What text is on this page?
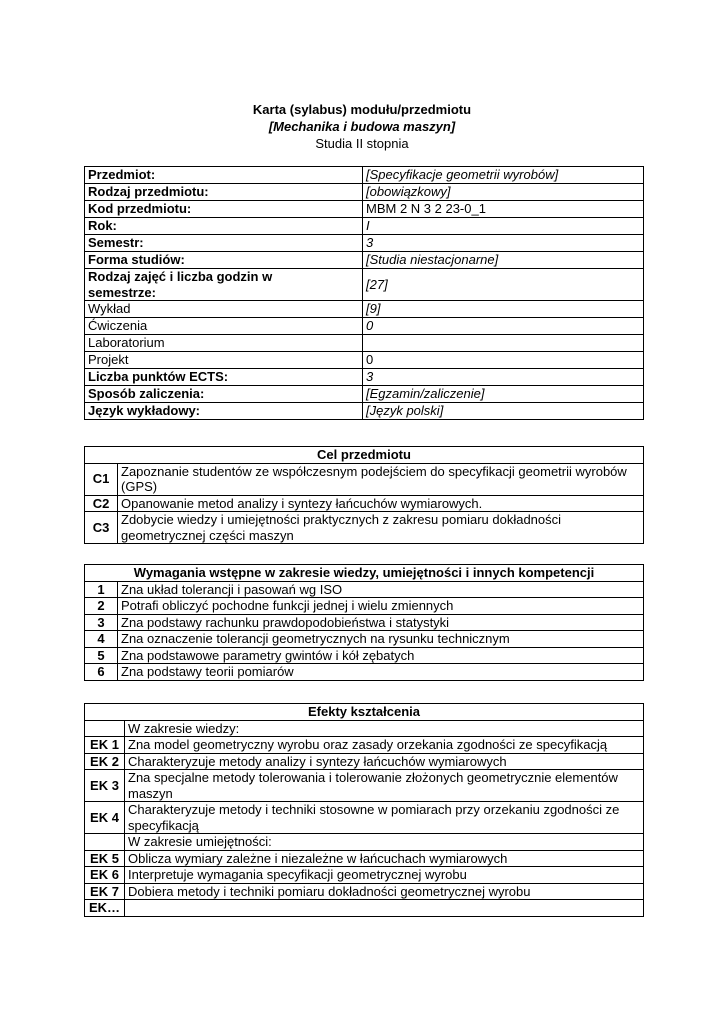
Karta (sylabus) modułu/przedmiotu
[Mechanika i budowa maszyn]
Studia II stopnia
Przedmiot:	[Specyfikacje geometrii wyrobów]
Rodzaj przedmiotu:	[obowiązkowy]
Kod przedmiotu:	MBM 2 N 3 2 23-0_1
Rok:	I
Semestr:	3
Forma studiów:	[Studia niestacjonarne]
Rodzaj zajęć i liczba godzin w semestrze:	[27]
Wykład	[9]
Ćwiczenia	0
Laboratorium	
Projekt	0
Liczba punktów ECTS:	3
Sposób zaliczenia:	[Egzamin/zaliczenie]
Język wykładowy:	[Język polski]
Cel przedmiotu	
C1	Zapoznanie studentów ze współczesnym podejściem do specyfikacji geometrii wyrobów (GPS)
C2	Opanowanie metod analizy i syntezy łańcuchów wymiarowych.
C3	Zdobycie wiedzy i umiejętności praktycznych z zakresu pomiaru dokładności geometrycznej części maszyn
Wymagania wstępne w zakresie wiedzy, umiejętności i innych kompetencji	
1	Zna układ tolerancji i pasowań wg ISO
2	Potrafi obliczyć pochodne funkcji jednej i wielu zmiennych
3	Zna podstawy rachunku prawdopodobieństwa i statystyki
4	Zna oznaczenie tolerancji geometrycznych na rysunku technicznym
5	Zna podstawowe parametry gwintów i kół zębatych
6	Zna podstawy teorii pomiarów
Efekty kształcenia	
	W zakresie wiedzy:
EK 1	Zna model geometryczny wyrobu oraz zasady orzekania zgodności ze specyfikacją
EK 2	Charakteryzuje metody analizy i syntezy łańcuchów wymiarowych
EK 3	Zna specjalne metody tolerowania i tolerowanie złożonych geometrycznie elementów maszyn
EK 4	Charakteryzuje metody i techniki stosowne w pomiarach przy orzekaniu zgodności ze specyfikacją
	W zakresie umiejętności:
EK 5	Oblicza wymiary zależne i niezależne w łańcuchach wymiarowych
EK 6	Interpretuje wymagania specyfikacji geometrycznej wyrobu
EK 7	Dobiera metody i techniki pomiaru dokładności geometrycznej wyrobu
EK…	
